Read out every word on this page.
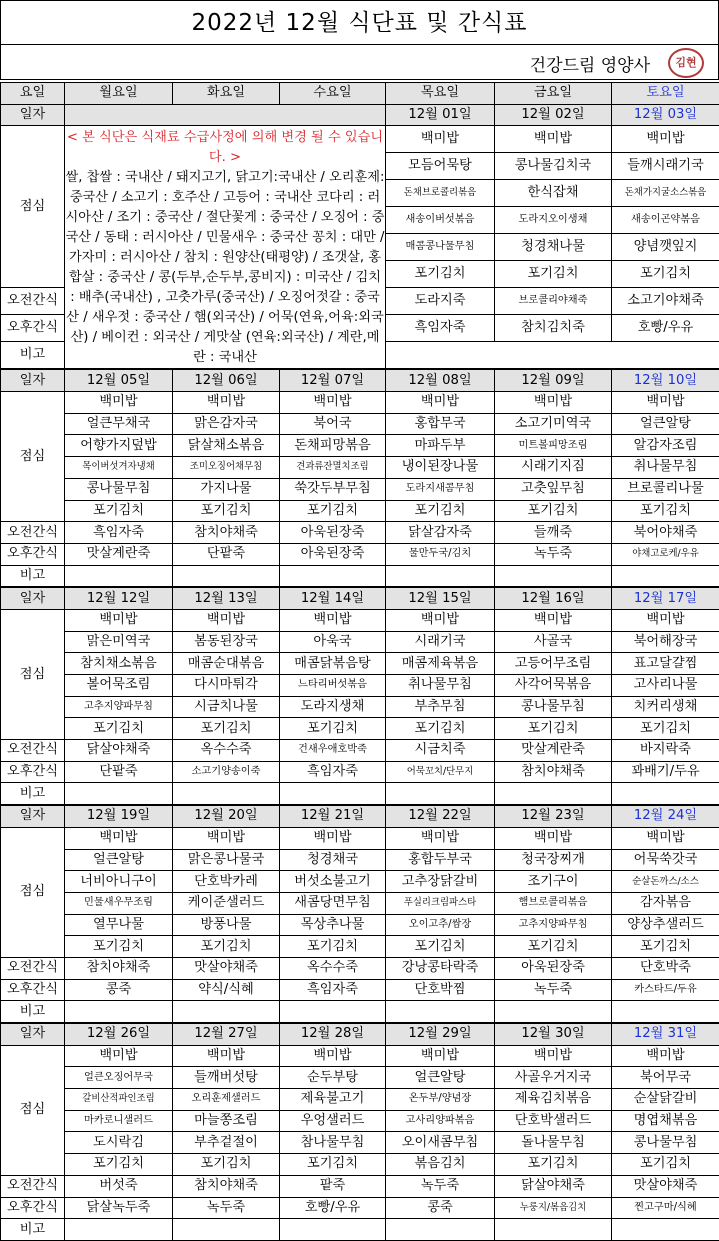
2022년 12월 식단표 및 간식표
건강드림 영양사	김현
요일	월요일	화요일	수요일	목요일	금요일	토요일
일자				12월 01일	12월 02일	12월 03일
점심	< 본 식단은 식재료 수급사정에 의해 변경 될 수 있습니다. >
쌀, 찹쌀 : 국내산 / 돼지고기, 닭고기:국내산 / 오리훈제:중국산 / 소고기 : 호주산 / 고등어 : 국내산 코다리 : 러시아산 / 조기 : 중국산 / 절단꽃게 : 중국산 / 오징어 : 중국산 / 동태 : 러시아산 / 민물새우 : 중국산 꽁치 : 대만 / 가자미 : 러시아산 / 참치 : 원양산(태평양) / 조갯살, 홍합살 : 중국산 / 콩(두부,순두부,콩비지) : 미국산 / 김치 : 배추(국내산) , 고춧가루(중국산) / 오징어젓갈 : 중국산 / 새우젓 : 중국산 / 햄(외국산) / 어묵(연육,어육:외국산) / 베이컨 : 외국산 / 게맛살 (연육:외국산) / 계란,메란 : 국내산			백미밥	백미밥	백미밥
				모듬어묵탕	콩나물김치국	들깨시래기국
				돈채브로콜리볶음	한식잡채	돈채가지굴소스볶음
				새송이버섯볶음	도라지오이생채	새송이곤약볶음
				매콤콩나물무침	청경채나물	양념깻잎지
				포기김치	포기김치	포기김치
오전간식				도라지죽	브로콜리야채죽	소고기야채죽
오후간식				흑임자죽	참치김치죽	호빵/우유
비고						
일자	12월 05일	12월 06일	12월 07일	12월 08일	12월 09일	12월 10일
점심	백미밥	백미밥	백미밥	백미밥	백미밥	백미밥
	얼큰무채국	맑은감자국	북어국	홍합무국	소고기미역국	얼큰알탕
	어향가지덮밥	닭살채소볶음	돈채피망볶음	마파두부	미트볼피망조림	알감자조림
	목이버섯겨자냉채	조미오징어채무침	견과류잔멸치조림	냉이된장나물	시래기지짐	취나물무침
	콩나물무침	가지나물	쑥갓두부무침	도라지새콤무침	고춧잎무침	브로콜리나물
	포기김치	포기김치	포기김치	포기김치	포기김치	포기김치
오전간식	흑임자죽	참치야채죽	아욱된장죽	닭살감자죽	들깨죽	북어야채죽
오후간식	맛살계란죽	단팥죽	아욱된장죽	물만두국/김치	녹두죽	야채고로케/우유
비고						
일자	12월 12일	12월 13일	12월 14일	12월 15일	12월 16일	12월 17일
점심	백미밥	백미밥	백미밥	백미밥	백미밥	백미밥
	맑은미역국	봄동된장국	아욱국	시래기국	사골국	북어해장국
	참치채소볶음	매콤순대볶음	매콤닭볶음탕	매콤제육볶음	고등어무조림	표고달걀찜
	볼어묵조림	다시마튀각	느타리버섯볶음	취나물무침	사각어묵볶음	고사리나물
	고추지양파무침	시금치나물	도라지생채	부추무침	콩나물무침	치커리생채
	포기김치	포기김치	포기김치	포기김치	포기김치	포기김치
오전간식	닭살야채죽	옥수수죽	건새우애호박죽	시금치죽	맛살계란죽	바지락죽
오후간식	단팥죽	소고기양송이죽	흑임자죽	어묵꼬치/단무지	참치야채죽	꽈배기/두유
비고						
일자	12월 19일	12월 20일	12월 21일	12월 22일	12월 23일	12월 24일
점심	백미밥	백미밥	백미밥	백미밥	백미밥	백미밥
	얼큰알탕	맑은콩나물국	청경채국	홍합두부국	청국장찌개	어묵쑥갓국
	너비아니구이	단호박카레	버섯소불고기	고추장닭갈비	조기구이	순살돈까스/소스
	민물새우무조림	케이준샐러드	새콤당면무침	푸실리크림파스타	햄브로콜리볶음	감자볶음
	열무나물	방풍나물	목상추나물	오이고추/쌈장	고추지양파무침	양상추샐러드
	포기김치	포기김치	포기김치	포기김치	포기김치	포기김치
오전간식	참치야채죽	맛살야채죽	옥수수죽	강낭콩타락죽	아욱된장죽	단호박죽
오후간식	콩죽	약식/식혜	흑임자죽	단호박찜	녹두죽	카스타드/두유
비고						
일자	12월 26일	12월 27일	12월 28일	12월 29일	12월 30일	12월 31일
점심	백미밥	백미밥	백미밥	백미밥	백미밥	백미밥
	얼큰오징어무국	들깨버섯탕	순두부탕	얼큰알탕	사골우거지국	북어무국
	갈비산적파인조림	오리훈제샐러드	제육불고기	온두부/양념장	제육김치볶음	순살닭갈비
	마카로니샐러드	마늘쫑조림	우엉샐러드	고사리양파볶음	단호박샐러드	명엽채볶음
	도시락김	부추겉절이	참나물무침	오이새콤무침	돌나물무침	콩나물무침
	포기김치	포기김치	포기김치	볶음김치	포기김치	포기김치
오전간식	버섯죽	참치야채죽	팥죽	녹두죽	닭살야채죽	맛살야채죽
오후간식	닭살녹두죽	녹두죽	호빵/우유	콩죽	누룽지/볶음김치	찐고구마/식혜
비고						
